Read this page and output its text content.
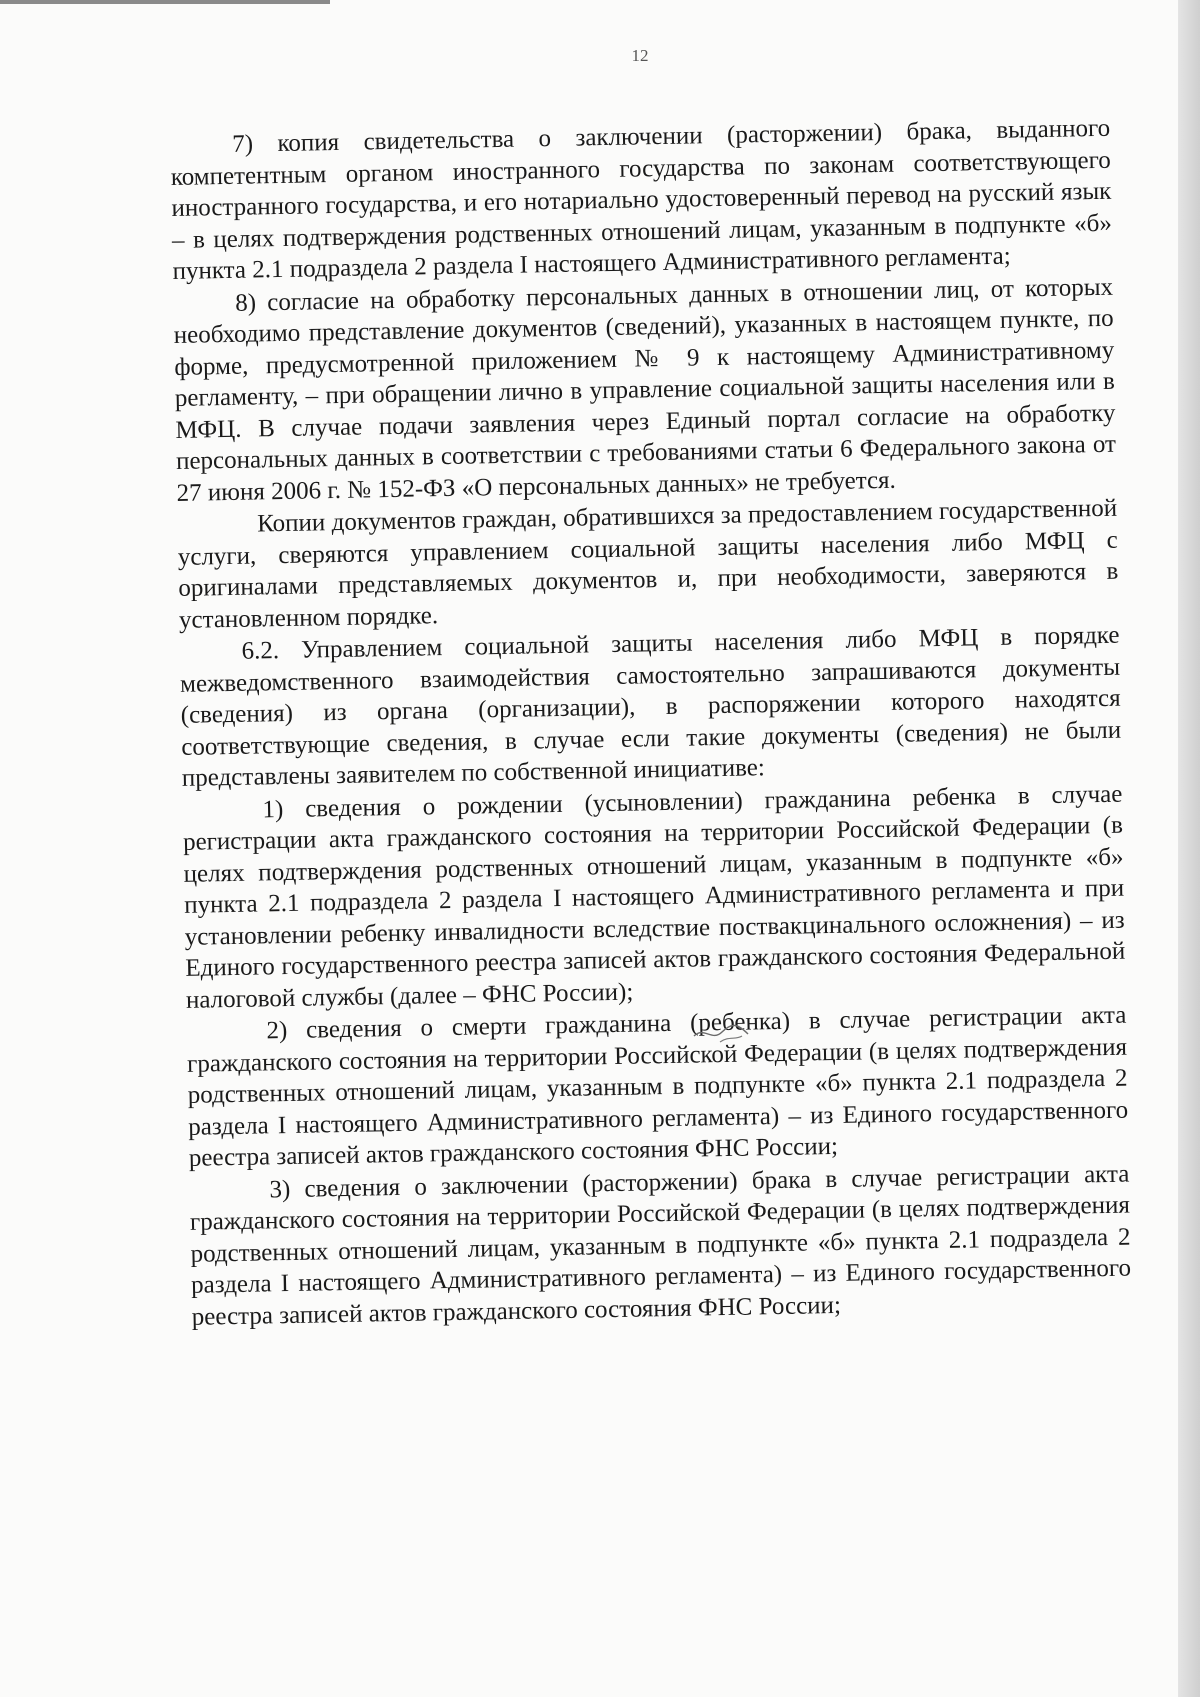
12

7) копия свидетельства о заключении (расторжении) брака, выданного компетентным органом иностранного государства по законам соответствующего иностранного государства, и его нотариально удостоверенный перевод на русский язык – в целях подтверждения родственных отношений лицам, указанным в подпункте «б» пункта 2.1 подраздела 2 раздела I настоящего Административного регламента;

8) согласие на обработку персональных данных в отношении лиц, от которых необходимо представление документов (сведений), указанных в настоящем пункте, по форме, предусмотренной приложением № 9 к настоящему Административному регламенту, – при обращении лично в управление социальной защиты населения или в МФЦ. В случае подачи заявления через Единый портал согласие на обработку персональных данных в соответствии с требованиями статьи 6 Федерального закона от 27 июня 2006 г. № 152-ФЗ «О персональных данных» не требуется.

Копии документов граждан, обратившихся за предоставлением государственной услуги, сверяются управлением социальной защиты населения либо МФЦ с оригиналами представляемых документов и, при необходимости, заверяются в установленном порядке.

6.2. Управлением социальной защиты населения либо МФЦ в порядке межведомственного взаимодействия самостоятельно запрашиваются документы (сведения) из органа (организации), в распоряжении которого находятся соответствующие сведения, в случае если такие документы (сведения) не были представлены заявителем по собственной инициативе:

1) сведения о рождении (усыновлении) гражданина ребенка в случае регистрации акта гражданского состояния на территории Российской Федерации (в целях подтверждения родственных отношений лицам, указанным в подпункте «б» пункта 2.1 подраздела 2 раздела I настоящего Административного регламента и при установлении ребенку инвалидности вследствие поствакцинального осложнения) – из Единого государственного реестра записей актов гражданского состояния Федеральной налоговой службы (далее – ФНС России);

2) сведения о смерти гражданина (ребенка) в случае регистрации акта гражданского состояния на территории Российской Федерации (в целях подтверждения родственных отношений лицам, указанным в подпункте «б» пункта 2.1 подраздела 2 раздела I настоящего Административного регламента) – из Единого государственного реестра записей актов гражданского состояния ФНС России;

3) сведения о заключении (расторжении) брака в случае регистрации акта гражданского состояния на территории Российской Федерации (в целях подтверждения родственных отношений лицам, указанным в подпункте «б» пункта 2.1 подраздела 2 раздела I настоящего Административного регламента) – из Единого государственного реестра записей актов гражданского состояния ФНС России;
